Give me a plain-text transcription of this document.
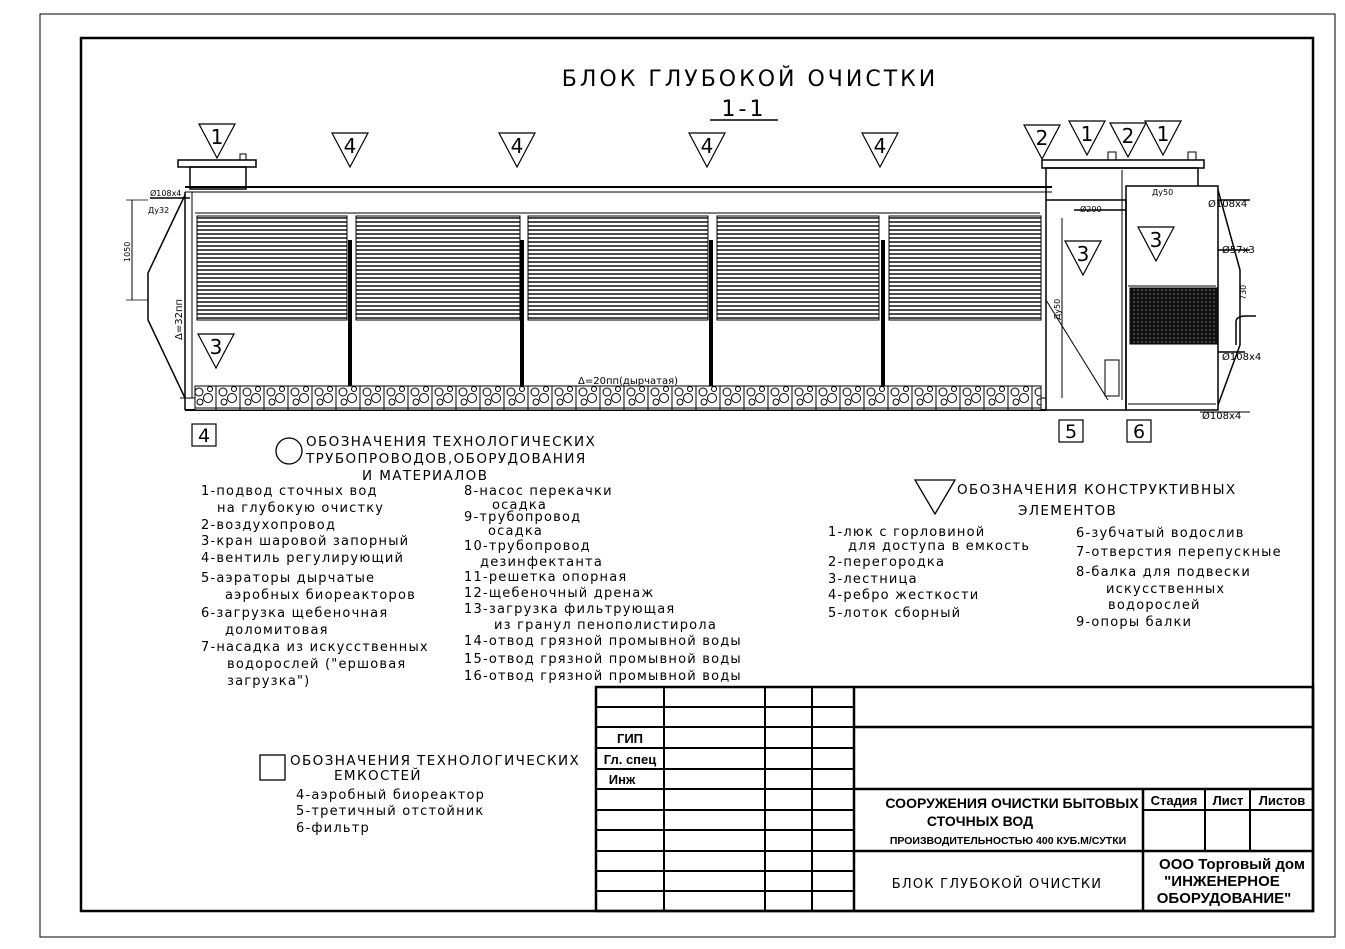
БЛОК ГЛУБОКОЙ ОЧИСТКИ
1-1
Ø108х4
Ду32
1050
Δ=32пп
Δ=20пп(дырчатая)
Ø108х4
Ø57х3
Ø108х4
Ø108х4
Ду50
Ду50
Ø200
730
1	4	4	4	4	2 1 2 1
3
3
3
4	5	6
ОБОЗНАЧЕНИЯ ТЕХНОЛОГИЧЕСКИХ
ТРУБОПРОВОДОВ,ОБОРУДОВАНИЯ
И МАТЕРИАЛОВ
1-подвод сточных вод
на глубокую очистку
2-воздухопровод
3-кран шаровой запорный
4-вентиль регулирующий
5-аэраторы дырчатые
аэробных биореакторов
6-загрузка щебеночная
доломитовая
7-насадка из искусственных
водорослей ("ершовая
загрузка")
8-насос перекачки
осадка
9-трубопровод
осадка
10-трубопровод
дезинфектанта
11-решетка опорная
12-щебеночный дренаж
13-загрузка фильтрующая
из гранул пенополистирола
14-отвод грязной промывной воды
15-отвод грязной промывной воды
16-отвод грязной промывной воды
ОБОЗНАЧЕНИЯ КОНСТРУКТИВНЫХ
ЭЛЕМЕНТОВ
1-люк с горловиной
для доступа в емкость
2-перегородка
3-лестница
4-ребро жесткости
5-лоток сборный
6-зубчатый водослив
7-отверстия перепускные
8-балка для подвески
искусственных
водорослей
9-опоры балки
ОБОЗНАЧЕНИЯ ТЕХНОЛОГИЧЕСКИХ
ЕМКОСТЕЙ
4-аэробный биореактор
5-третичный отстойник
6-фильтр
ГИП
Гл. спец
Инж
СООРУЖЕНИЯ ОЧИСТКИ БЫТОВЫХ
СТОЧНЫХ ВОД
ПРОИЗВОДИТЕЛЬНОСТЬЮ 400 КУБ.М/СУТКИ
Стадия Лист Листов
БЛОК ГЛУБОКОЙ ОЧИСТКИ
ООО Торговый дом
"ИНЖЕНЕРНОЕ
ОБОРУДОВАНИЕ"
